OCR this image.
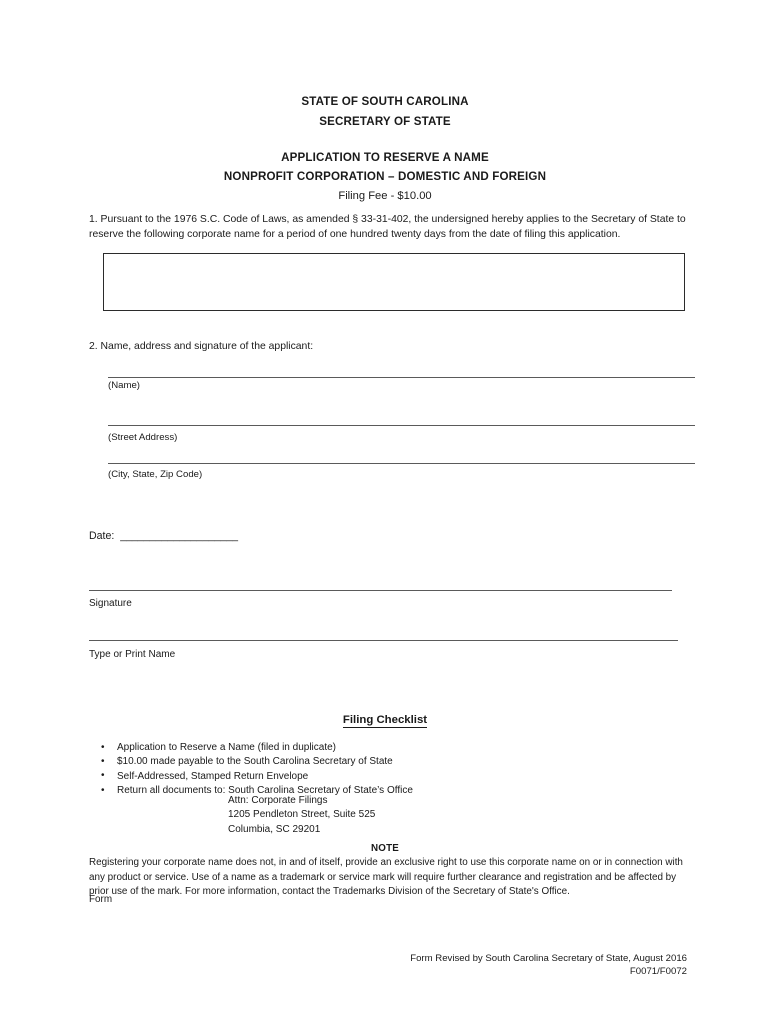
STATE OF SOUTH CAROLINA
SECRETARY OF STATE
APPLICATION TO RESERVE A NAME
NONPROFIT CORPORATION – DOMESTIC AND FOREIGN
Filing Fee - $10.00
1. Pursuant to the 1976 S.C. Code of Laws, as amended § 33-31-402, the undersigned hereby applies to the Secretary of State to reserve the following corporate name for a period of one hundred twenty days from the date of filing this application.
2. Name, address and signature of the applicant:
(Name)
(Street Address)
(City, State, Zip Code)
Date:  ____________________
Signature
Type or Print Name
Filing Checklist
• Application to Reserve a Name (filed in duplicate)
• $10.00 made payable to the South Carolina Secretary of State
• Self-Addressed, Stamped Return Envelope
• Return all documents to: South Carolina Secretary of State’s Office
Attn: Corporate Filings
1205 Pendleton Street, Suite 525
Columbia, SC 29201
NOTE
Registering your corporate name does not, in and of itself, provide an exclusive right to use this corporate name on or in connection with any product or service. Use of a name as a trademark or service mark will require further clearance and registration and be affected by prior use of the mark. For more information, contact the Trademarks Division of the Secretary of State's Office.
Form
Form Revised by South Carolina Secretary of State, August 2016
F0071/F0072
